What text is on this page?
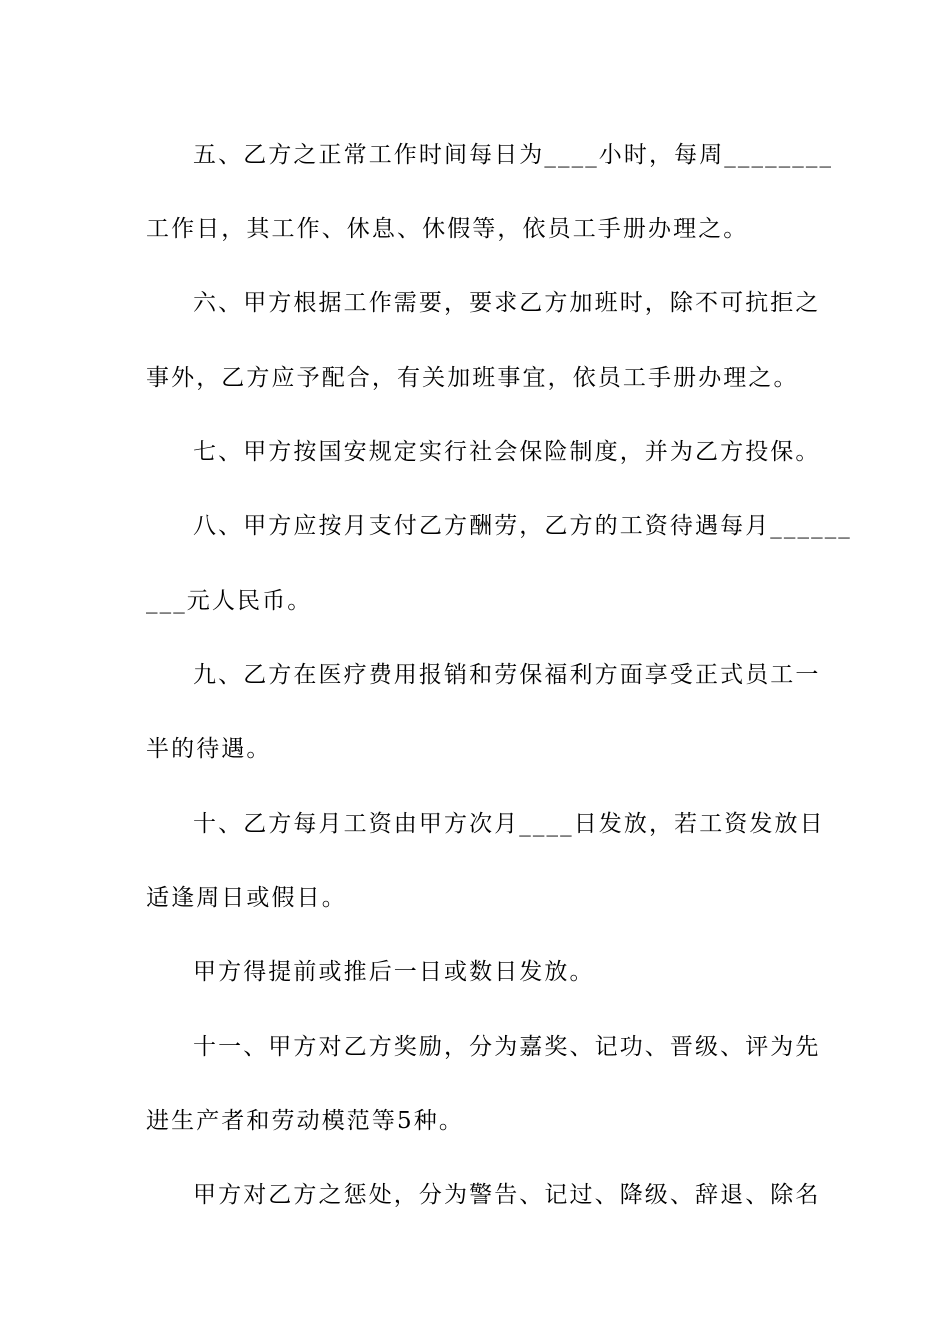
五、乙方之正常工作时间每日为____小时，每周________
工作日，其工作、休息、休假等，依员工手册办理之。
六、甲方根据工作需要，要求乙方加班时，除不可抗拒之
事外，乙方应予配合，有关加班事宜，依员工手册办理之。
七、甲方按国安规定实行社会保险制度，并为乙方投保。
八、甲方应按月支付乙方酬劳，乙方的工资待遇每月______
___元人民币。
九、乙方在医疗费用报销和劳保福利方面享受正式员工一
半的待遇。
十、乙方每月工资由甲方次月____日发放，若工资发放日
适逢周日或假日。
甲方得提前或推后一日或数日发放。
十一、甲方对乙方奖励，分为嘉奖、记功、晋级、评为先
进生产者和劳动模范等5种。
甲方对乙方之惩处，分为警告、记过、降级、辞退、除名
